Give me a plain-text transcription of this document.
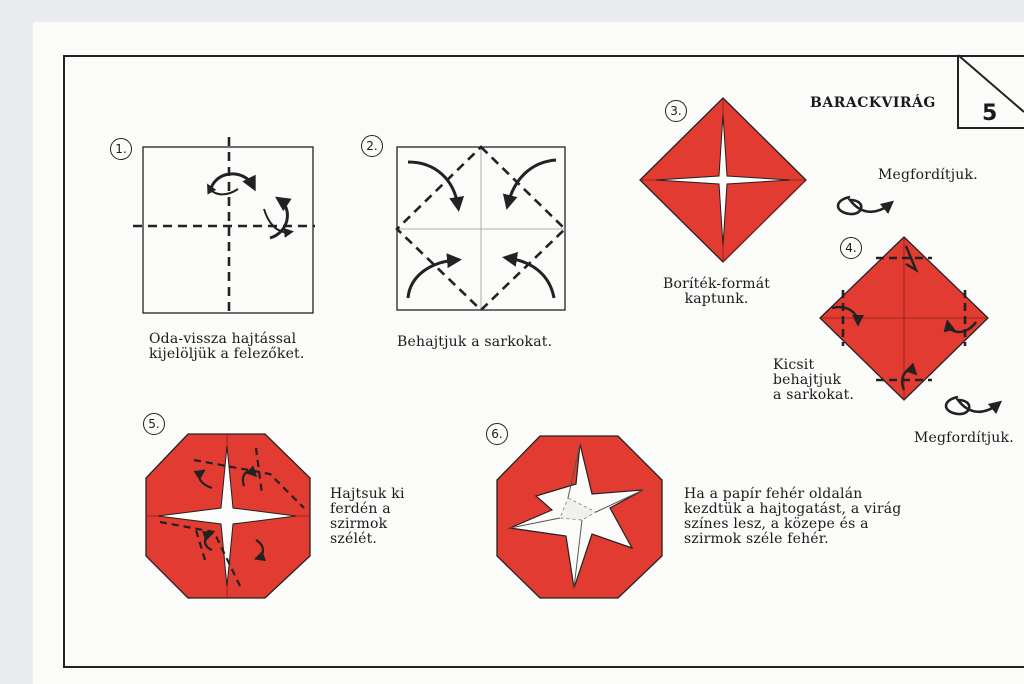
BARACKVIRÁG 5
1.	2.
3.
4.
5.
6.
Oda-vissza hajtással
kijelöljük a felezőket.
Behajtjuk a sarkokat.
Boríték-formát
kaptunk.
Kicsit
behajtjuk
a sarkokat.
Hajtsuk ki
ferdén a
szirmok
szélét.
Ha a papír fehér oldalán
kezdtük a hajtogatást, a virág
színes lesz, a közepe és a
szirmok széle fehér.
Megfordítjuk.
Megfordítjuk.
